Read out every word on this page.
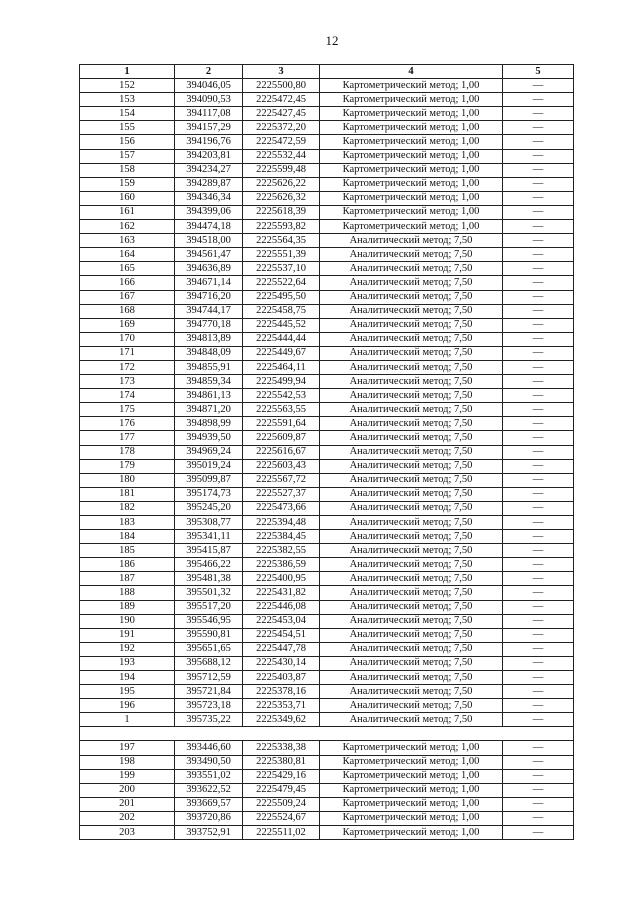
12
1	2	3	4	5
152	394046,05	2225500,80	Картометрический метод; 1,00	—
153	394090,53	2225472,45	Картометрический метод; 1,00	—
154	394117,08	2225427,45	Картометрический метод; 1,00	—
155	394157,29	2225372,20	Картометрический метод; 1,00	—
156	394196,76	2225472,59	Картометрический метод; 1,00	—
157	394203,81	2225532,44	Картометрический метод; 1,00	—
158	394234,27	2225599,48	Картометрический метод; 1,00	—
159	394289,87	2225626,22	Картометрический метод; 1,00	—
160	394346,34	2225626,32	Картометрический метод; 1,00	—
161	394399,06	2225618,39	Картометрический метод; 1,00	—
162	394474,18	2225593,82	Картометрический метод; 1,00	—
163	394518,00	2225564,35	Аналитический метод; 7,50	—
164	394561,47	2225551,39	Аналитический метод; 7,50	—
165	394636,89	2225537,10	Аналитический метод; 7,50	—
166	394671,14	2225522,64	Аналитический метод; 7,50	—
167	394716,20	2225495,50	Аналитический метод; 7,50	—
168	394744,17	2225458,75	Аналитический метод; 7,50	—
169	394770,18	2225445,52	Аналитический метод; 7,50	—
170	394813,89	2225444,44	Аналитический метод; 7,50	—
171	394848,09	2225449,67	Аналитический метод; 7,50	—
172	394855,91	2225464,11	Аналитический метод; 7,50	—
173	394859,34	2225499,94	Аналитический метод; 7,50	—
174	394861,13	2225542,53	Аналитический метод; 7,50	—
175	394871,20	2225563,55	Аналитический метод; 7,50	—
176	394898,99	2225591,64	Аналитический метод; 7,50	—
177	394939,50	2225609,87	Аналитический метод; 7,50	—
178	394969,24	2225616,67	Аналитический метод; 7,50	—
179	395019,24	2225603,43	Аналитический метод; 7,50	—
180	395099,87	2225567,72	Аналитический метод; 7,50	—
181	395174,73	2225527,37	Аналитический метод; 7,50	—
182	395245,20	2225473,66	Аналитический метод; 7,50	—
183	395308,77	2225394,48	Аналитический метод; 7,50	—
184	395341,11	2225384,45	Аналитический метод; 7,50	—
185	395415,87	2225382,55	Аналитический метод; 7,50	—
186	395466,22	2225386,59	Аналитический метод; 7,50	—
187	395481,38	2225400,95	Аналитический метод; 7,50	—
188	395501,32	2225431,82	Аналитический метод; 7,50	—
189	395517,20	2225446,08	Аналитический метод; 7,50	—
190	395546,95	2225453,04	Аналитический метод; 7,50	—
191	395590,81	2225454,51	Аналитический метод; 7,50	—
192	395651,65	2225447,78	Аналитический метод; 7,50	—
193	395688,12	2225430,14	Аналитический метод; 7,50	—
194	395712,59	2225403,87	Аналитический метод; 7,50	—
195	395721,84	2225378,16	Аналитический метод; 7,50	—
196	395723,18	2225353,71	Аналитический метод; 7,50	—
1	395735,22	2225349,62	Аналитический метод; 7,50	—

197	393446,60	2225338,38	Картометрический метод; 1,00	—
198	393490,50	2225380,81	Картометрический метод; 1,00	—
199	393551,02	2225429,16	Картометрический метод; 1,00	—
200	393622,52	2225479,45	Картометрический метод; 1,00	—
201	393669,57	2225509,24	Картометрический метод; 1,00	—
202	393720,86	2225524,67	Картометрический метод; 1,00	—
203	393752,91	2225511,02	Картометрический метод; 1,00	—
